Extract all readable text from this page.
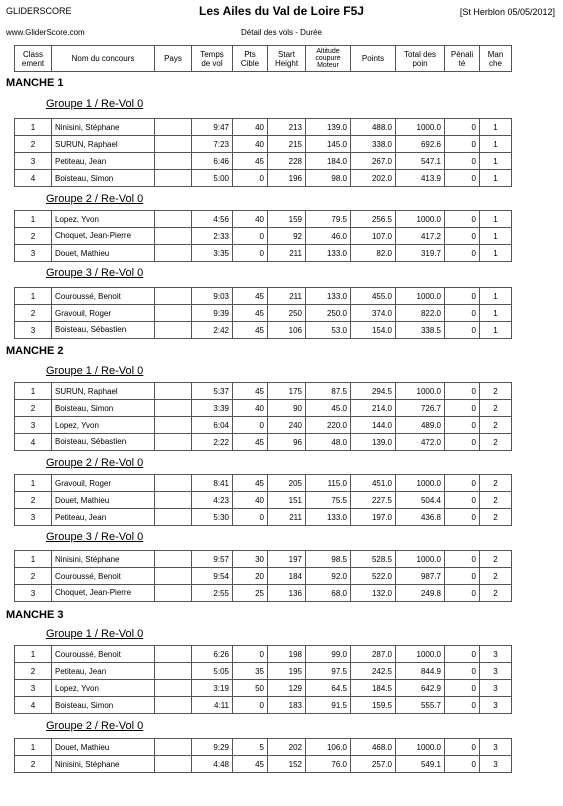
GLIDERSCORE	Les Ailes du Val de Loire F5J	[St Herblon 05/05/2012]
www.GliderScore.com	Détail des vols - Durée
Class ement	Nom du concours	Pays	Temps de vol	Pts Cible	Start Height	Altitude coupure Moteur	Points	Total des poin	Pénali té	Man che
MANCHE 1
Groupe 1 / Re-Vol 0
1	Ninisini, Stéphane		9:47	40	213	139.0	488.0	1000.0	0	1
2	SURUN, Raphael		7:23	40	215	145.0	338.0	692.6	0	1
3	Petiteau, Jean		6:46	45	228	184.0	267.0	547.1	0	1
4	Boisteau, Simon		5:00	0	196	98.0	202.0	413.9	0	1
Groupe 2 / Re-Vol 0
1	Lopez, Yvon		4:56	40	159	79.5	256.5	1000.0	0	1
2	Choquet, Jean-Pierre		2:33	0	92	46.0	107.0	417.2	0	1
3	Douet, Mathieu		3:35	0	211	133.0	82.0	319.7	0	1
Groupe 3 / Re-Vol 0
1	Couroussé, Benoit		9:03	45	211	133.0	455.0	1000.0	0	1
2	Gravouil, Roger		9:39	45	250	250.0	374.0	822.0	0	1
3	Boisteau, Sébastien		2:42	45	106	53.0	154.0	338.5	0	1
MANCHE 2
Groupe 1 / Re-Vol 0
1	SURUN, Raphael		5:37	45	175	87.5	294.5	1000.0	0	2
2	Boisteau, Simon		3:39	40	90	45.0	214.0	726.7	0	2
3	Lopez, Yvon		6:04	0	240	220.0	144.0	489.0	0	2
4	Boisteau, Sébastien		2:22	45	96	48.0	139.0	472.0	0	2
Groupe 2 / Re-Vol 0
1	Gravouil, Roger		8:41	45	205	115.0	451.0	1000.0	0	2
2	Douet, Mathieu		4:23	40	151	75.5	227.5	504.4	0	2
3	Petiteau, Jean		5:30	0	211	133.0	197.0	436.8	0	2
Groupe 3 / Re-Vol 0
1	Ninisini, Stéphane		9:57	30	197	98.5	528.5	1000.0	0	2
2	Couroussé, Benoit		9:54	20	184	92.0	522.0	987.7	0	2
3	Choquet, Jean-Pierre		2:55	25	136	68.0	132.0	249.8	0	2
MANCHE 3
Groupe 1 / Re-Vol 0
1	Couroussé, Benoit		6:26	0	198	99.0	287.0	1000.0	0	3
2	Petiteau, Jean		5:05	35	195	97.5	242.5	844.9	0	3
3	Lopez, Yvon		3:19	50	129	64.5	184.5	642.9	0	3
4	Boisteau, Simon		4:11	0	183	91.5	159.5	555.7	0	3
Groupe 2 / Re-Vol 0
1	Douet, Mathieu		9:29	5	202	106.0	468.0	1000.0	0	3
2	Ninisini, Stéphane		4:48	45	152	76.0	257.0	549.1	0	3
